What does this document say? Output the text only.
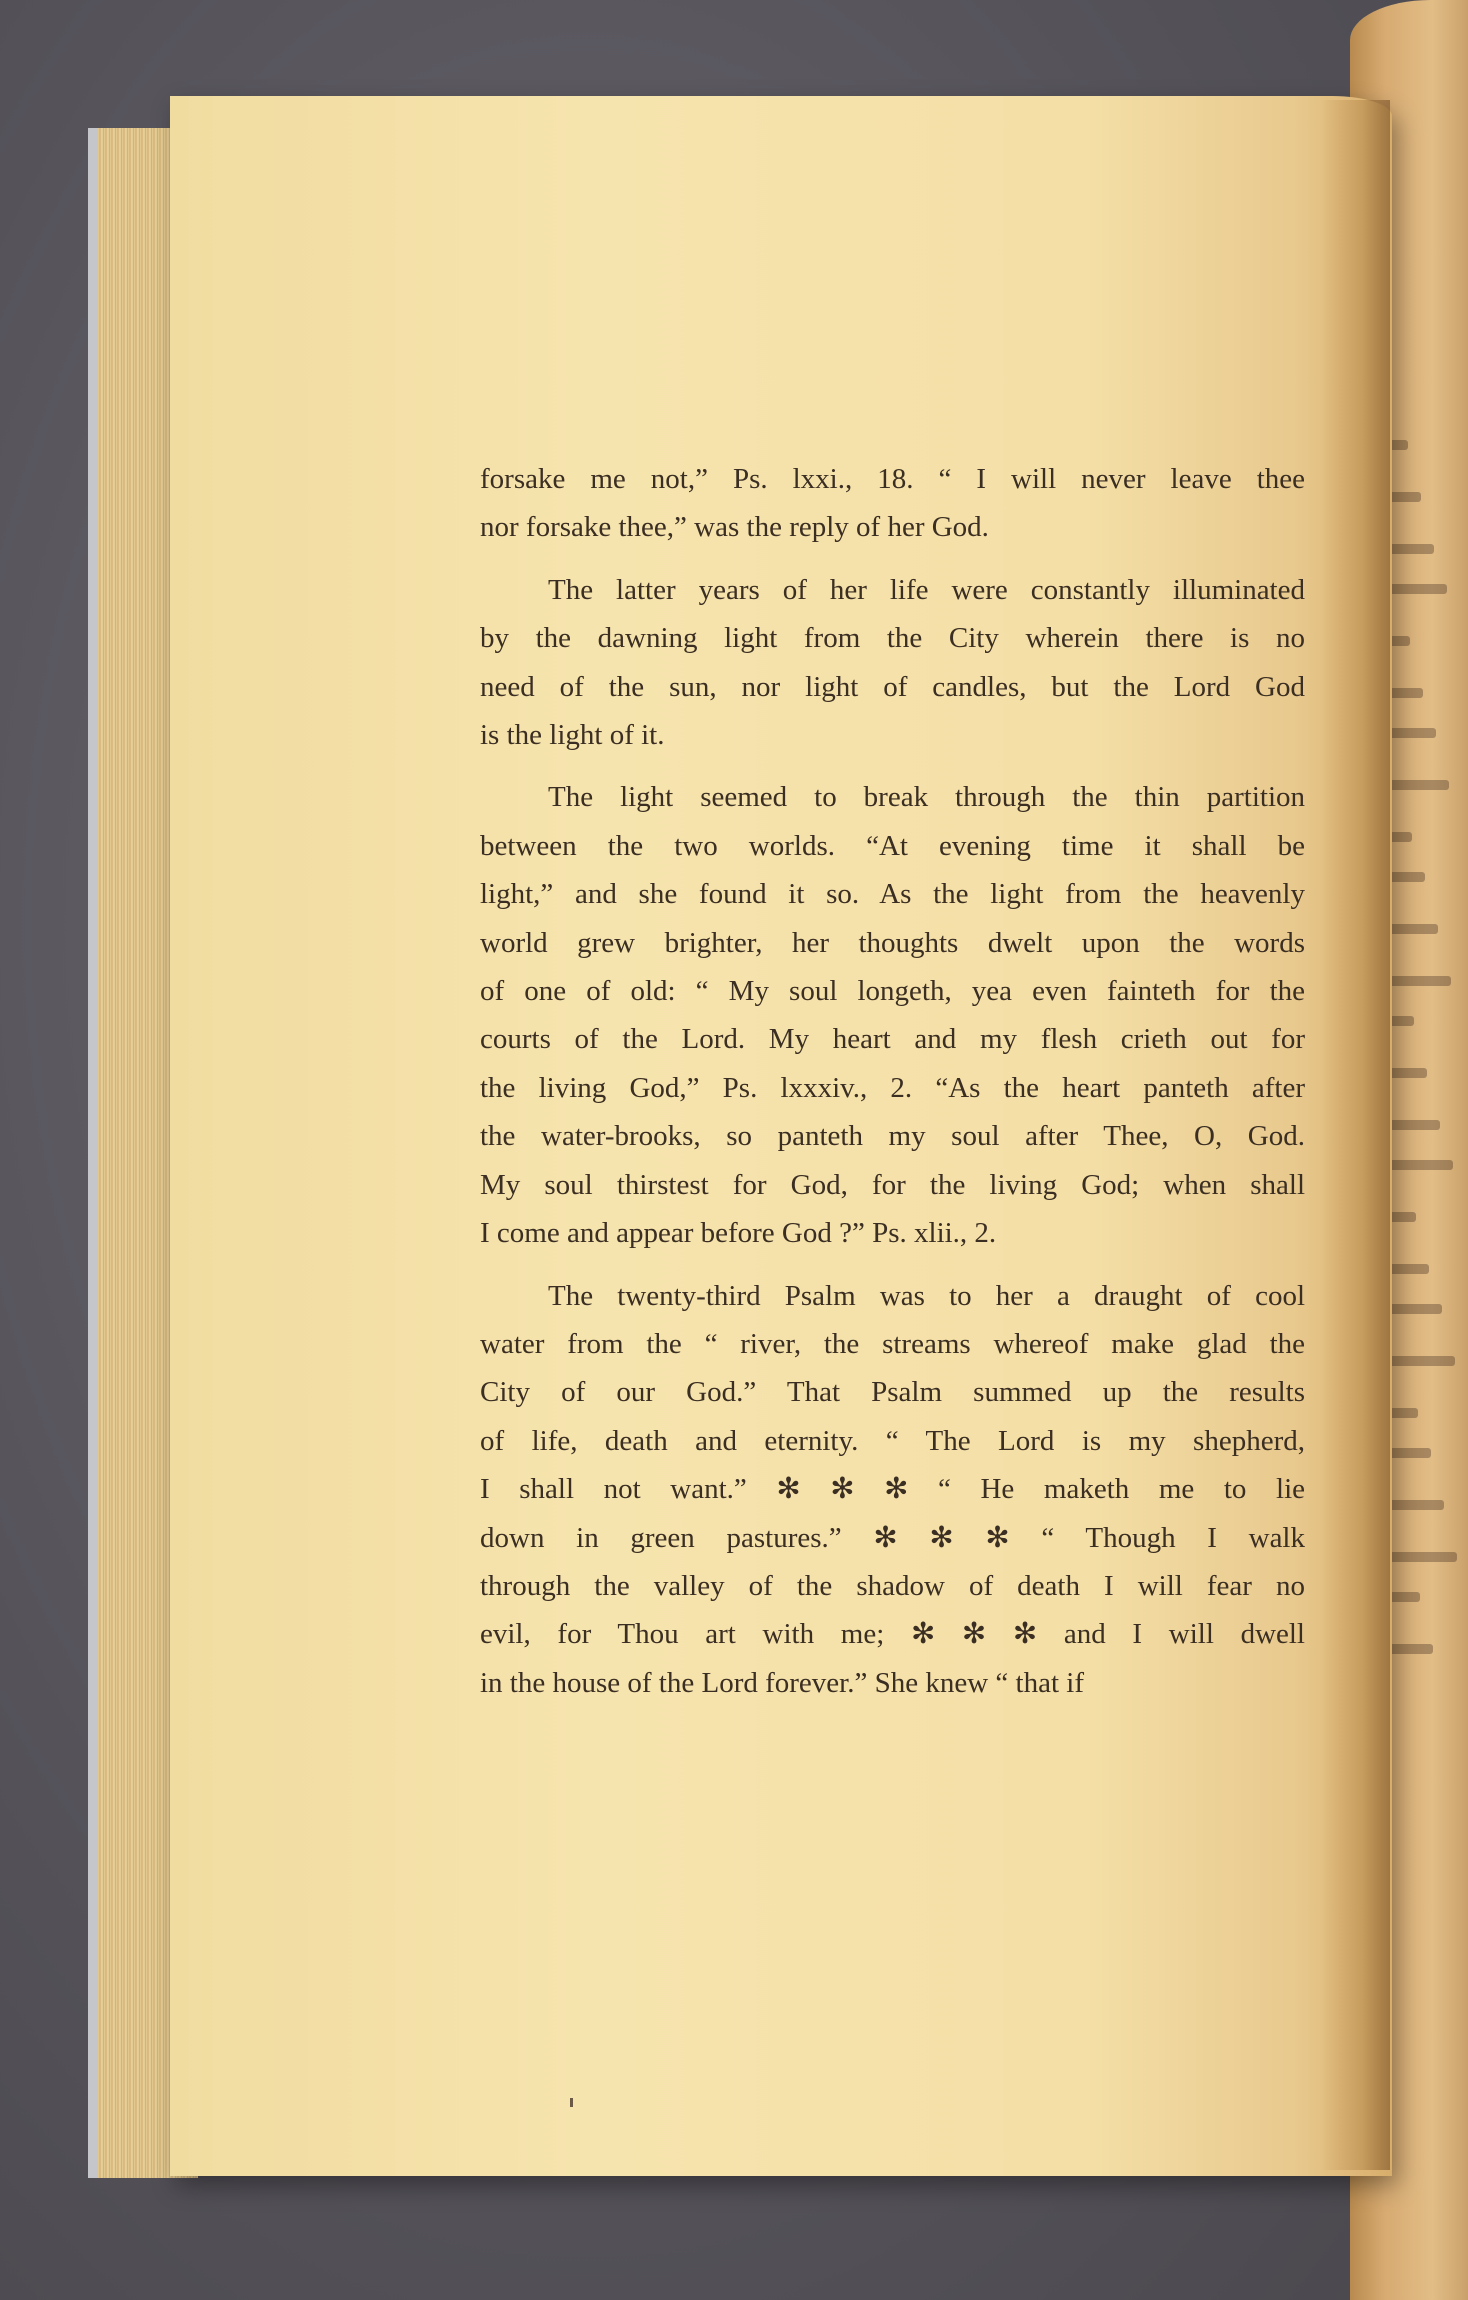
forsake me not,” Ps. lxxi., 18. “ I will never leave thee
nor forsake thee,” was the reply of her God.

The latter years of her life were constantly illuminated
by the dawning light from the City wherein there is no
need of the sun, nor light of candles, but the Lord God
is the light of it.

The light seemed to break through the thin partition
between the two worlds. “At evening time it shall be
light,” and she found it so. As the light from the heavenly
world grew brighter, her thoughts dwelt upon the words
of one of old: “ My soul longeth, yea even fainteth for the
courts of the Lord. My heart and my flesh crieth out for
the living God,” Ps. lxxxiv., 2. “As the heart panteth after
the water-brooks, so panteth my soul after Thee, O, God.
My soul thirstest for God, for the living God; when shall
I come and appear before God ?” Ps. xlii., 2.

The twenty-third Psalm was to her a draught of cool
water from the “ river, the streams whereof make glad the
City of our God.” That Psalm summed up the results
of life, death and eternity. “ The Lord is my shepherd,
I shall not want.” ✻ ✻ ✻ “ He maketh me to lie
down in green pastures.” ✻ ✻ ✻ “ Though I walk
through the valley of the shadow of death I will fear no
evil, for Thou art with me; ✻ ✻ ✻ and I will dwell
in the house of the Lord forever.” She knew “ that if
